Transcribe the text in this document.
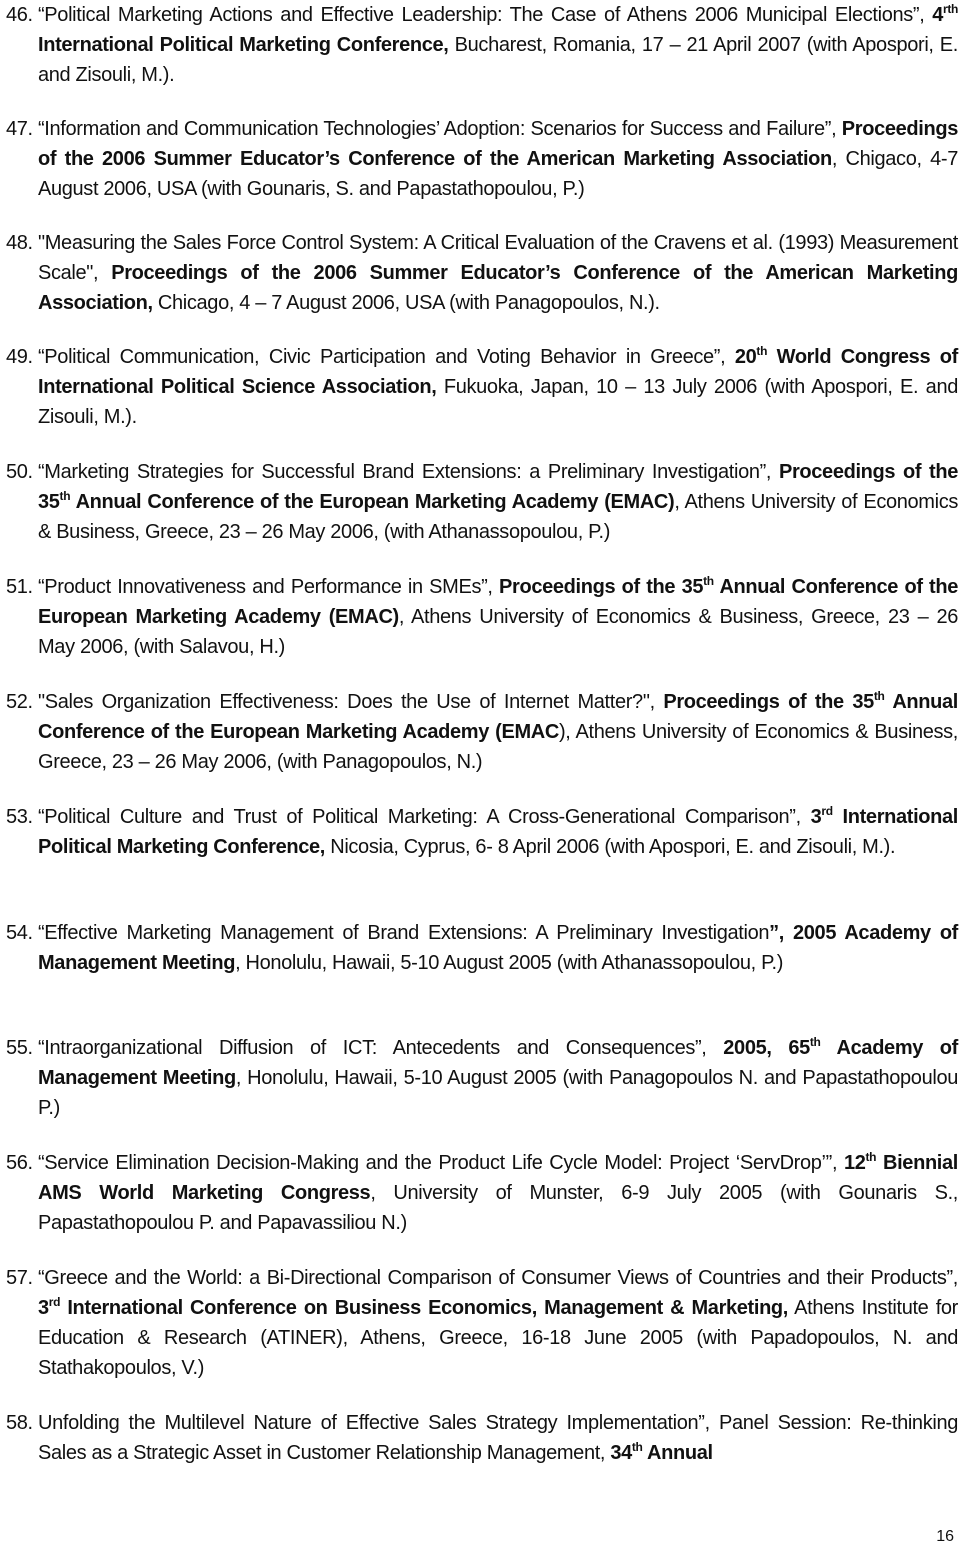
46. “Political Marketing Actions and Effective Leadership: The Case of Athens 2006 Municipal Elections”, $4^{rth}$ International Political Marketing Conference, Bucharest, Romania, 17 – 21 April 2007 (with Apospori, E. and Zisouli, M.).
47. “Information and Communication Technologies’ Adoption: Scenarios for Success and Failure”, Proceedings of the 2006 Summer Educator’s Conference of the American Marketing Association, Chigaco, 4-7 August 2006, USA (with Gounaris, S. and Papastathopoulou, P.)
48. "Measuring the Sales Force Control System: A Critical Evaluation of the Cravens et al. (1993) Measurement Scale", Proceedings of the 2006 Summer Educator’s Conference of the American Marketing Association, Chicago, 4 – 7 August 2006, USA (with Panagopoulos, N.).
49. “Political Communication, Civic Participation and Voting Behavior in Greece”, 20th World Congress of International Political Science Association, Fukuoka, Japan, 10 – 13 July 2006 (with Apospori, E. and Zisouli, M.).
50. “Marketing Strategies for Successful Brand Extensions: a Preliminary Investigation”, Proceedings of the 35th Annual Conference of the European Marketing Academy (EMAC), Athens University of Economics & Business, Greece, 23 – 26 May 2006, (with Athanassopoulou, P.)
51. “Product Innovativeness and Performance in SMEs”, Proceedings of the 35th Annual Conference of the European Marketing Academy (EMAC), Athens University of Economics & Business, Greece, 23 – 26 May 2006, (with Salavou, H.)
52. "Sales Organization Effectiveness: Does the Use of Internet Matter?", Proceedings of the 35th Annual Conference of the European Marketing Academy (EMAC), Athens University of Economics & Business, Greece, 23 – 26 May 2006, (with Panagopoulos, N.)
53. “Political Culture and Trust of Political Marketing: A Cross-Generational Comparison”, 3rd International Political Marketing Conference, Nicosia, Cyprus, 6- 8 April 2006 (with Apospori, E. and Zisouli, M.).
54. “Effective Marketing Management of Brand Extensions: A Preliminary Investigation”, 2005 Academy of Management Meeting, Honolulu, Hawaii, 5-10 August 2005 (with Athanassopoulou, P.)
55. “Intraorganizational Diffusion of ICT: Antecedents and Consequences”, 2005, 65th Academy of Management Meeting, Honolulu, Hawaii, 5-10 August 2005 (with Panagopoulos N. and Papastathopoulou P.)
56. “Service Elimination Decision-Making and the Product Life Cycle Model: Project ‘ServDrop’”, 12th Biennial AMS World Marketing Congress, University of Munster, 6-9 July 2005 (with Gounaris S., Papastathopoulou P. and Papavassiliou N.)
57. “Greece and the World: a Bi-Directional Comparison of Consumer Views of Countries and their Products”, 3rd International Conference on Business Economics, Management & Marketing, Athens Institute for Education & Research (ATINER), Athens, Greece, 16-18 June 2005 (with Papadopoulos, N. and Stathakopoulos, V.)
58. Unfolding the Multilevel Nature of Effective Sales Strategy Implementation”, Panel Session: Re-thinking Sales as a Strategic Asset in Customer Relationship Management, 34th Annual
16
